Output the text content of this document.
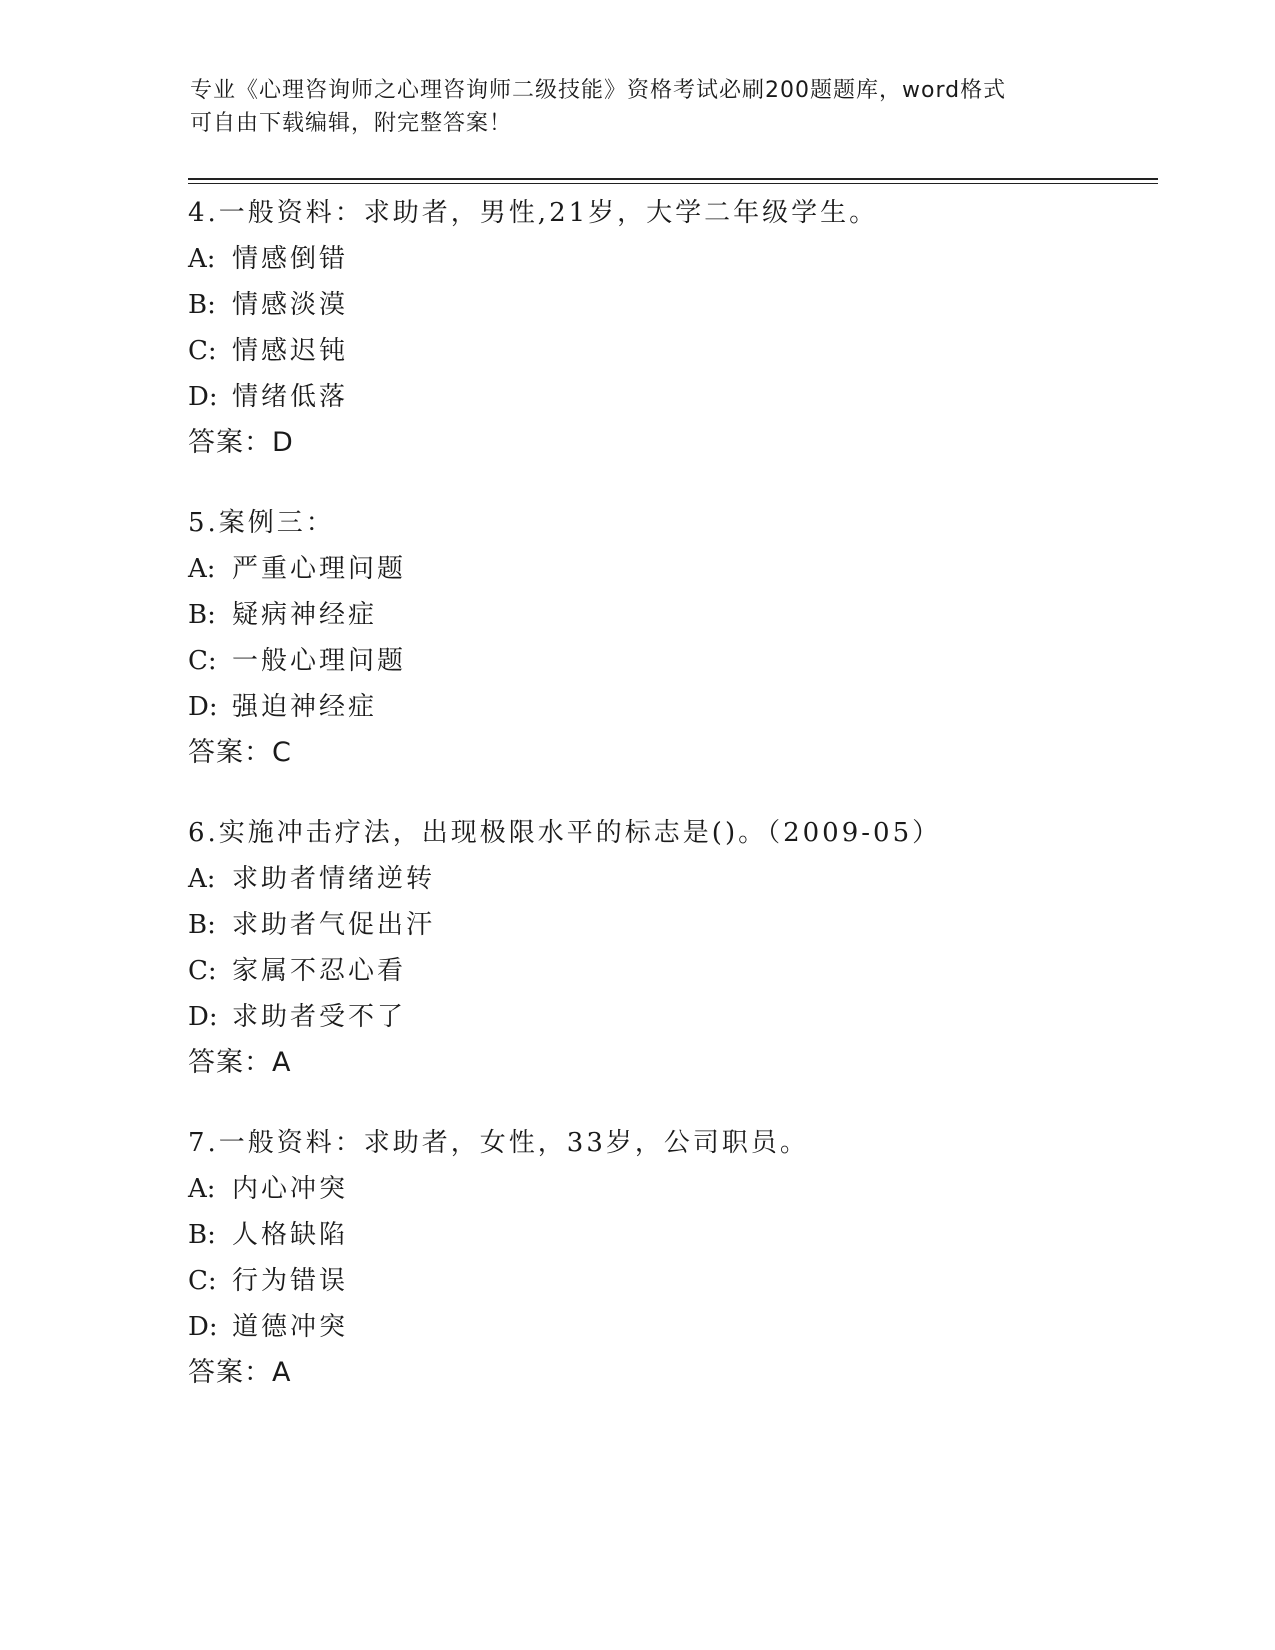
专业《心理咨询师之心理咨询师二级技能》资格考试必刷200题题库，word格式
可自由下载编辑，附完整答案！
4.一般资料：求助者，男性,21岁，大学二年级学生。
A: 情感倒错
B: 情感淡漠
C: 情感迟钝
D: 情绪低落
答案：D
5.案例三：
A: 严重心理问题
B: 疑病神经症
C: 一般心理问题
D: 强迫神经症
答案：C
6.实施冲击疗法，出现极限水平的标志是()。（2009-05）
A: 求助者情绪逆转
B: 求助者气促出汗
C: 家属不忍心看
D: 求助者受不了
答案：A
7.一般资料：求助者，女性，33岁，公司职员。
A: 内心冲突
B: 人格缺陷
C: 行为错误
D: 道德冲突
答案：A
